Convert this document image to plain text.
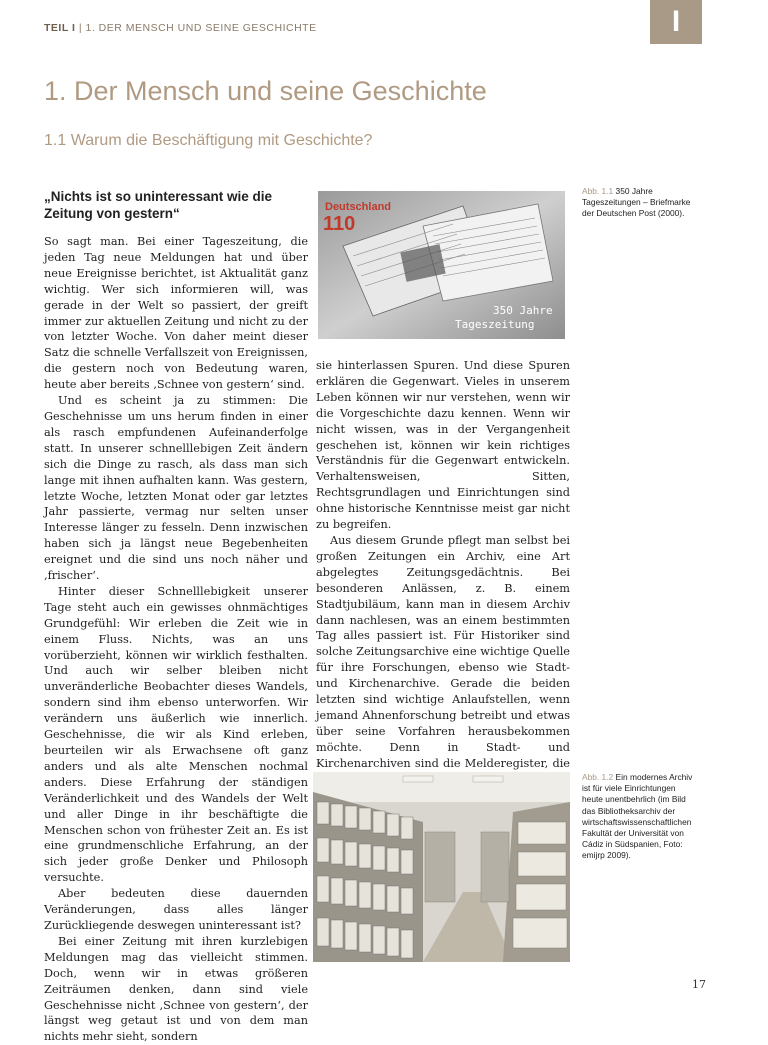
TEIL I | 1. DER MENSCH UND SEINE GESCHICHTE	I
1. Der Mensch und seine Geschichte
1.1 Warum die Beschäftigung mit Geschichte?
„Nichts ist so uninteressant wie die Zeitung von gestern“

So sagt man. Bei einer Tageszeitung, die jeden Tag neue Meldungen hat und über neue Ereignisse berichtet, ist Aktualität ganz wichtig. Wer sich informieren will, was gerade in der Welt so passiert, der greift immer zur aktuellen Zeitung und nicht zu der von letzter Woche. Von daher meint dieser Satz die schnelle Verfallszeit von Ereignissen, die gestern noch von Bedeutung waren, heute aber bereits ‚Schnee von gestern‘ sind.

Und es scheint ja zu stimmen: Die Geschehnisse um uns herum finden in einer als rasch empfundenen Aufeinanderfolge statt. In unserer schnelllebigen Zeit ändern sich die Dinge zu rasch, als dass man sich lange mit ihnen aufhalten kann. Was gestern, letzte Woche, letzten Monat oder gar letztes Jahr passierte, vermag nur selten unser Interesse länger zu fesseln. Denn inzwischen haben sich ja längst neue Begebenheiten ereignet und die sind uns noch näher und ‚frischer‘.

Hinter dieser Schnelllebigkeit unserer Tage steht auch ein gewisses ohnmächtiges Grundgefühl: Wir erleben die Zeit wie in einem Fluss. Nichts, was an uns vorüberzieht, können wir wirklich festhalten. Und auch wir selber bleiben nicht unveränderliche Beobachter dieses Wandels, sondern sind ihm ebenso unterworfen. Wir verändern uns äußerlich wie innerlich. Geschehnisse, die wir als Kind erleben, beurteilen wir als Erwachsene oft ganz anders und als alte Menschen nochmal anders. Diese Erfahrung der ständigen Veränderlichkeit und des Wandels der Welt und aller Dinge in ihr beschäftigte die Menschen schon von frühester Zeit an. Es ist eine grundmenschliche Erfahrung, an der sich jeder große Denker und Philosoph versuchte.

Aber bedeuten diese dauernden Veränderungen, dass alles länger Zurückliegende deswegen uninteressant ist?

Bei einer Zeitung mit ihren kurzlebigen Meldungen mag das vielleicht stimmen. Doch, wenn wir in etwas größeren Zeiträumen denken, dann sind viele Geschehnisse nicht ‚Schnee von gestern‘, der längst weg getaut ist und von dem man nichts mehr sieht, sondern

sie hinterlassen Spuren. Und diese Spuren erklären die Gegenwart. Vieles in unserem Leben können wir nur verstehen, wenn wir die Vorgeschichte dazu kennen. Wenn wir nicht wissen, was in der Vergangenheit geschehen ist, können wir kein richtiges Verständnis für die Gegenwart entwickeln. Verhaltensweisen, Sitten, Rechtsgrundlagen und Einrichtungen sind ohne historische Kenntnisse meist gar nicht zu begreifen.

Aus diesem Grunde pflegt man selbst bei großen Zeitungen ein Archiv, eine Art abgelegtes Zeitungsgedächtnis. Bei besonderen Anlässen, z. B. einem Stadtjubiläum, kann man in diesem Archiv dann nachlesen, was an einem bestimmten Tag alles passiert ist. Für Historiker sind solche Zeitungsarchive eine wichtige Quelle für ihre Forschungen, ebenso wie Stadt- und Kirchenarchive. Gerade die beiden letzten sind wichtige Anlaufstellen, wenn jemand Ahnenforschung betreibt und etwas über seine Vorfahren herausbekommen möchte. Denn in Stadt- und Kirchenarchiven sind die Melderegister, die

Deutschland
110
350 Jahre
Tageszeitung
Abb. 1.1 350 Jahre Tageszeitungen – Briefmarke der Deutschen Post (2000).
Abb. 1.2 Ein modernes Archiv ist für viele Einrichtungen heute unentbehrlich (im Bild das Bibliotheksarchiv der wirtschaftswissenschaftlichen Fakultät der Universität von Cádiz in Südspanien, Foto: emijrp 2009).
17
